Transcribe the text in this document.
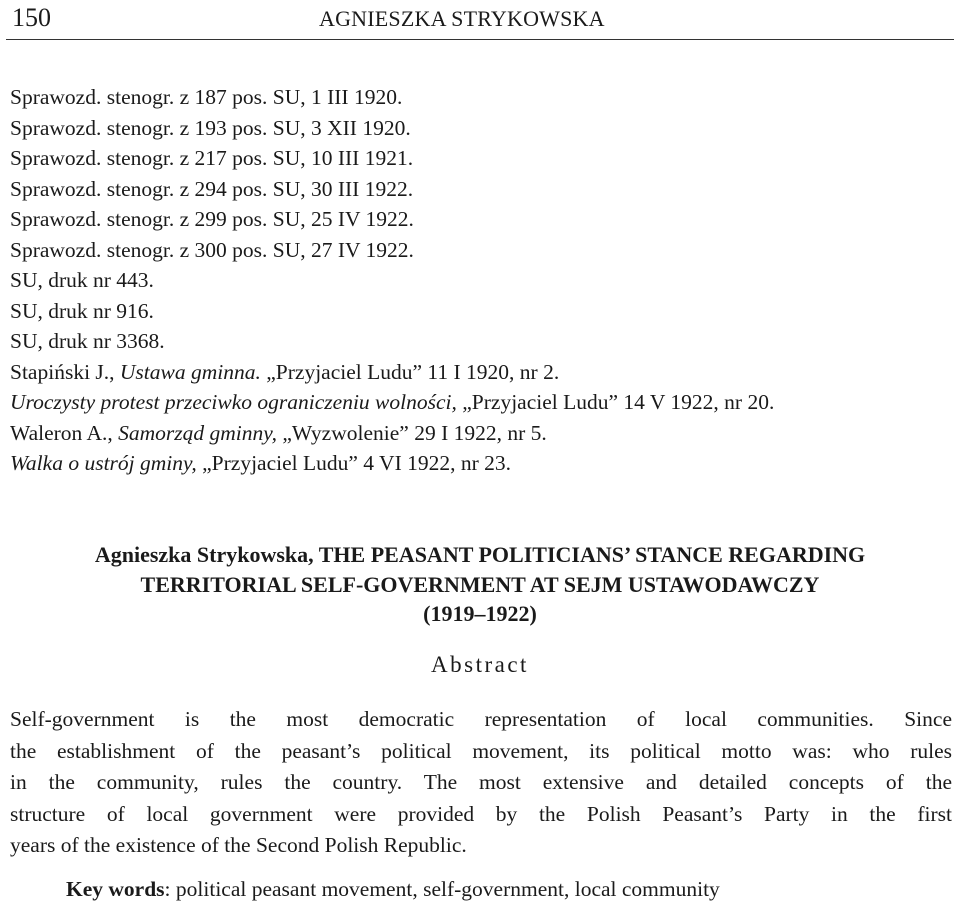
150	AGNIESZKA STRYKOWSKA
Sprawozd. stenogr. z 187 pos. SU, 1 III 1920.
Sprawozd. stenogr. z 193 pos. SU, 3 XII 1920.
Sprawozd. stenogr. z 217 pos. SU, 10 III 1921.
Sprawozd. stenogr. z 294 pos. SU, 30 III 1922.
Sprawozd. stenogr. z 299 pos. SU, 25 IV 1922.
Sprawozd. stenogr. z 300 pos. SU, 27 IV 1922.
SU, druk nr 443.
SU, druk nr 916.
SU, druk nr 3368.
Stapiński J., Ustawa gminna. „Przyjaciel Ludu” 11 I 1920, nr 2.
Uroczysty protest przeciwko ograniczeniu wolności, „Przyjaciel Ludu” 14 V 1922, nr 20.
Waleron A., Samorząd gminny, „Wyzwolenie” 29 I 1922, nr 5.
Walka o ustrój gminy, „Przyjaciel Ludu” 4 VI 1922, nr 23.
Agnieszka Strykowska, THE PEASANT POLITICIANS’ STANCE REGARDING
TERRITORIAL SELF-GOVERNMENT AT SEJM USTAWODAWCZY
(1919–1922)
Abstract
Self-government is the most democratic representation of local communities. Since
the establishment of the peasant’s political movement, its political motto was: who rules
in the community, rules the country. The most extensive and detailed concepts of the
structure of local government were provided by the Polish Peasant’s Party in the first
years of the existence of the Second Polish Republic.
Key words: political peasant movement, self-government, local community
